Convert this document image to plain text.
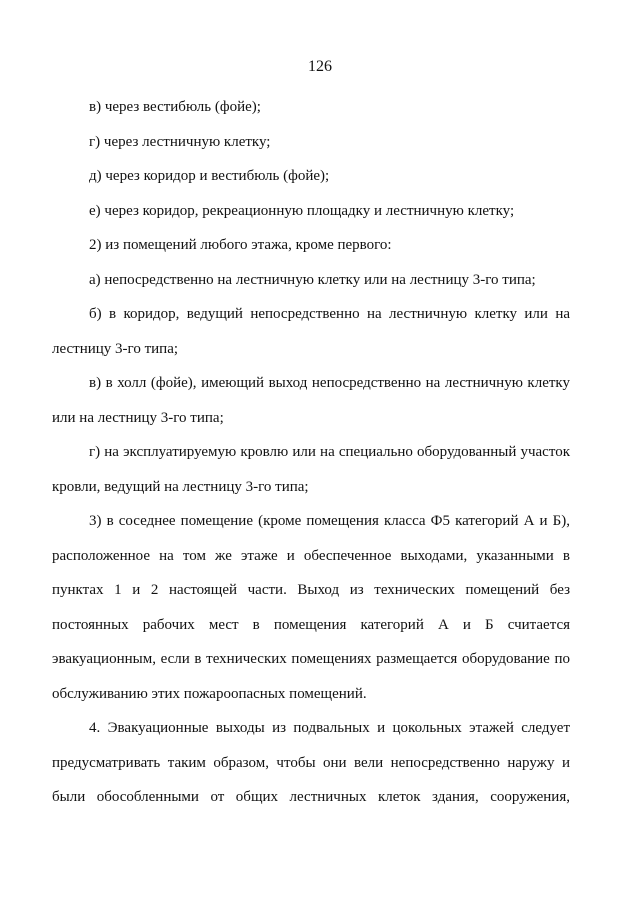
126

в) через вестибюль (фойе);

г) через лестничную клетку;

д) через коридор и вестибюль (фойе);

е) через коридор, рекреационную площадку и лестничную клетку;

2) из помещений любого этажа, кроме первого:

а) непосредственно на лестничную клетку или на лестницу 3-го типа;

б) в коридор, ведущий непосредственно на лестничную клетку или на лестницу 3-го типа;

в) в холл (фойе), имеющий выход непосредственно на лестничную клетку или на лестницу 3-го типа;

г) на эксплуатируемую кровлю или на специально оборудованный участок кровли, ведущий на лестницу 3-го типа;

3) в соседнее помещение (кроме помещения класса Ф5 категорий А и Б), расположенное на том же этаже и обеспеченное выходами, указанными в пунктах 1 и 2 настоящей части. Выход из технических помещений без постоянных рабочих мест в помещения категорий А и Б считается эвакуационным, если в технических помещениях размещается оборудование по обслуживанию этих пожароопасных помещений.

4. Эвакуационные выходы из подвальных и цокольных этажей следует предусматривать таким образом, чтобы они вели непосредственно наружу и были обособленными от общих лестничных клеток здания, сооружения,
